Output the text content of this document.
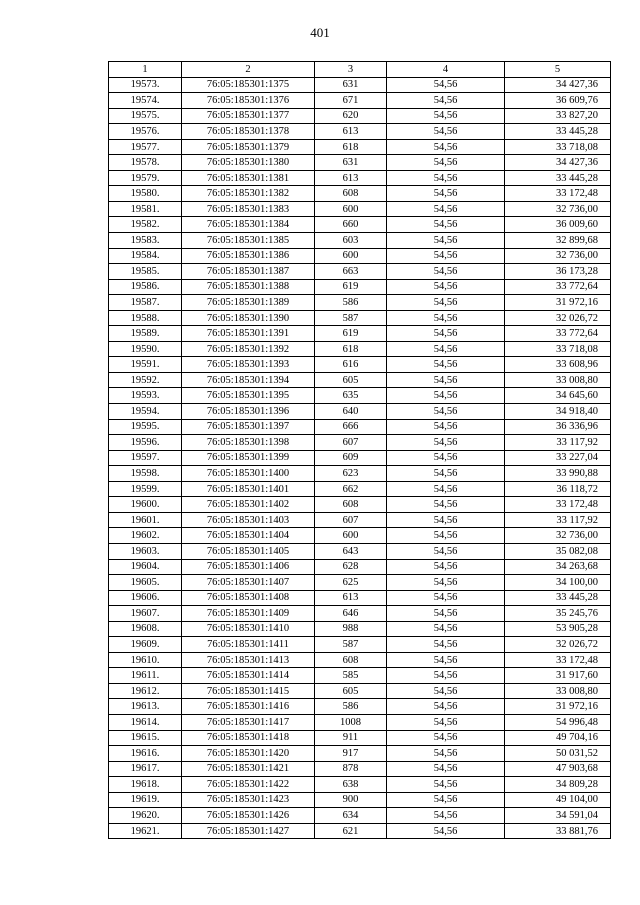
401
1	2	3	4	5
19573.	76:05:185301:1375	631	54,56	34 427,36
19574.	76:05:185301:1376	671	54,56	36 609,76
19575.	76:05:185301:1377	620	54,56	33 827,20
19576.	76:05:185301:1378	613	54,56	33 445,28
19577.	76:05:185301:1379	618	54,56	33 718,08
19578.	76:05:185301:1380	631	54,56	34 427,36
19579.	76:05:185301:1381	613	54,56	33 445,28
19580.	76:05:185301:1382	608	54,56	33 172,48
19581.	76:05:185301:1383	600	54,56	32 736,00
19582.	76:05:185301:1384	660	54,56	36 009,60
19583.	76:05:185301:1385	603	54,56	32 899,68
19584.	76:05:185301:1386	600	54,56	32 736,00
19585.	76:05:185301:1387	663	54,56	36 173,28
19586.	76:05:185301:1388	619	54,56	33 772,64
19587.	76:05:185301:1389	586	54,56	31 972,16
19588.	76:05:185301:1390	587	54,56	32 026,72
19589.	76:05:185301:1391	619	54,56	33 772,64
19590.	76:05:185301:1392	618	54,56	33 718,08
19591.	76:05:185301:1393	616	54,56	33 608,96
19592.	76:05:185301:1394	605	54,56	33 008,80
19593.	76:05:185301:1395	635	54,56	34 645,60
19594.	76:05:185301:1396	640	54,56	34 918,40
19595.	76:05:185301:1397	666	54,56	36 336,96
19596.	76:05:185301:1398	607	54,56	33 117,92
19597.	76:05:185301:1399	609	54,56	33 227,04
19598.	76:05:185301:1400	623	54,56	33 990,88
19599.	76:05:185301:1401	662	54,56	36 118,72
19600.	76:05:185301:1402	608	54,56	33 172,48
19601.	76:05:185301:1403	607	54,56	33 117,92
19602.	76:05:185301:1404	600	54,56	32 736,00
19603.	76:05:185301:1405	643	54,56	35 082,08
19604.	76:05:185301:1406	628	54,56	34 263,68
19605.	76:05:185301:1407	625	54,56	34 100,00
19606.	76:05:185301:1408	613	54,56	33 445,28
19607.	76:05:185301:1409	646	54,56	35 245,76
19608.	76:05:185301:1410	988	54,56	53 905,28
19609.	76:05:185301:1411	587	54,56	32 026,72
19610.	76:05:185301:1413	608	54,56	33 172,48
19611.	76:05:185301:1414	585	54,56	31 917,60
19612.	76:05:185301:1415	605	54,56	33 008,80
19613.	76:05:185301:1416	586	54,56	31 972,16
19614.	76:05:185301:1417	1008	54,56	54 996,48
19615.	76:05:185301:1418	911	54,56	49 704,16
19616.	76:05:185301:1420	917	54,56	50 031,52
19617.	76:05:185301:1421	878	54,56	47 903,68
19618.	76:05:185301:1422	638	54,56	34 809,28
19619.	76:05:185301:1423	900	54,56	49 104,00
19620.	76:05:185301:1426	634	54,56	34 591,04
19621.	76:05:185301:1427	621	54,56	33 881,76
